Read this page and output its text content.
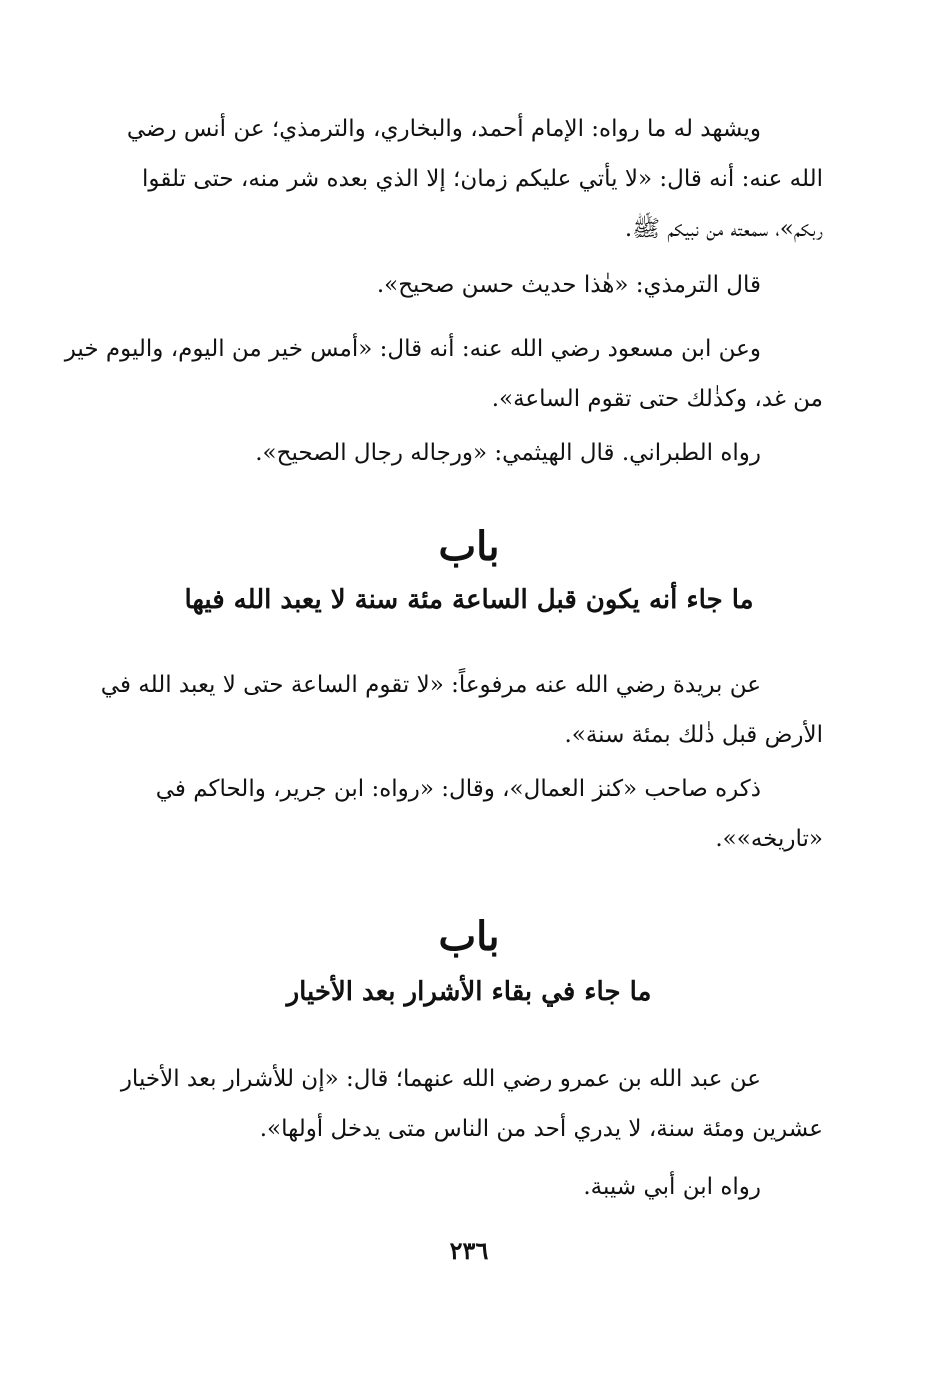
ويشهد له ما رواه: الإمام أحمد، والبخاري، والترمذي؛ عن أنس رضي
الله عنه: أنه قال: «لا يأتي عليكم زمان؛ إلا الذي بعده شر منه، حتى تلقوا
ربكم»، سمعته من نبيكم ﷺ.

قال الترمذي: «هٰذا حديث حسن صحيح».

وعن ابن مسعود رضي الله عنه: أنه قال: «أمس خير من اليوم، واليوم خير
من غد، وكذٰلك حتى تقوم الساعة».

رواه الطبراني. قال الهيثمي: «ورجاله رجال الصحيح».

باب
ما جاء أنه يكون قبل الساعة مئة سنة لا يعبد الله فيها

عن بريدة رضي الله عنه مرفوعاً: «لا تقوم الساعة حتى لا يعبد الله في
الأرض قبل ذٰلك بمئة سنة».

ذكره صاحب «كنز العمال»، وقال: «رواه: ابن جرير، والحاكم في
«تاريخه»».

باب
ما جاء في بقاء الأشرار بعد الأخيار

عن عبد الله بن عمرو رضي الله عنهما؛ قال: «إن للأشرار بعد الأخيار
عشرين ومئة سنة، لا يدري أحد من الناس متى يدخل أولها».

رواه ابن أبي شيبة.

٢٣٦
